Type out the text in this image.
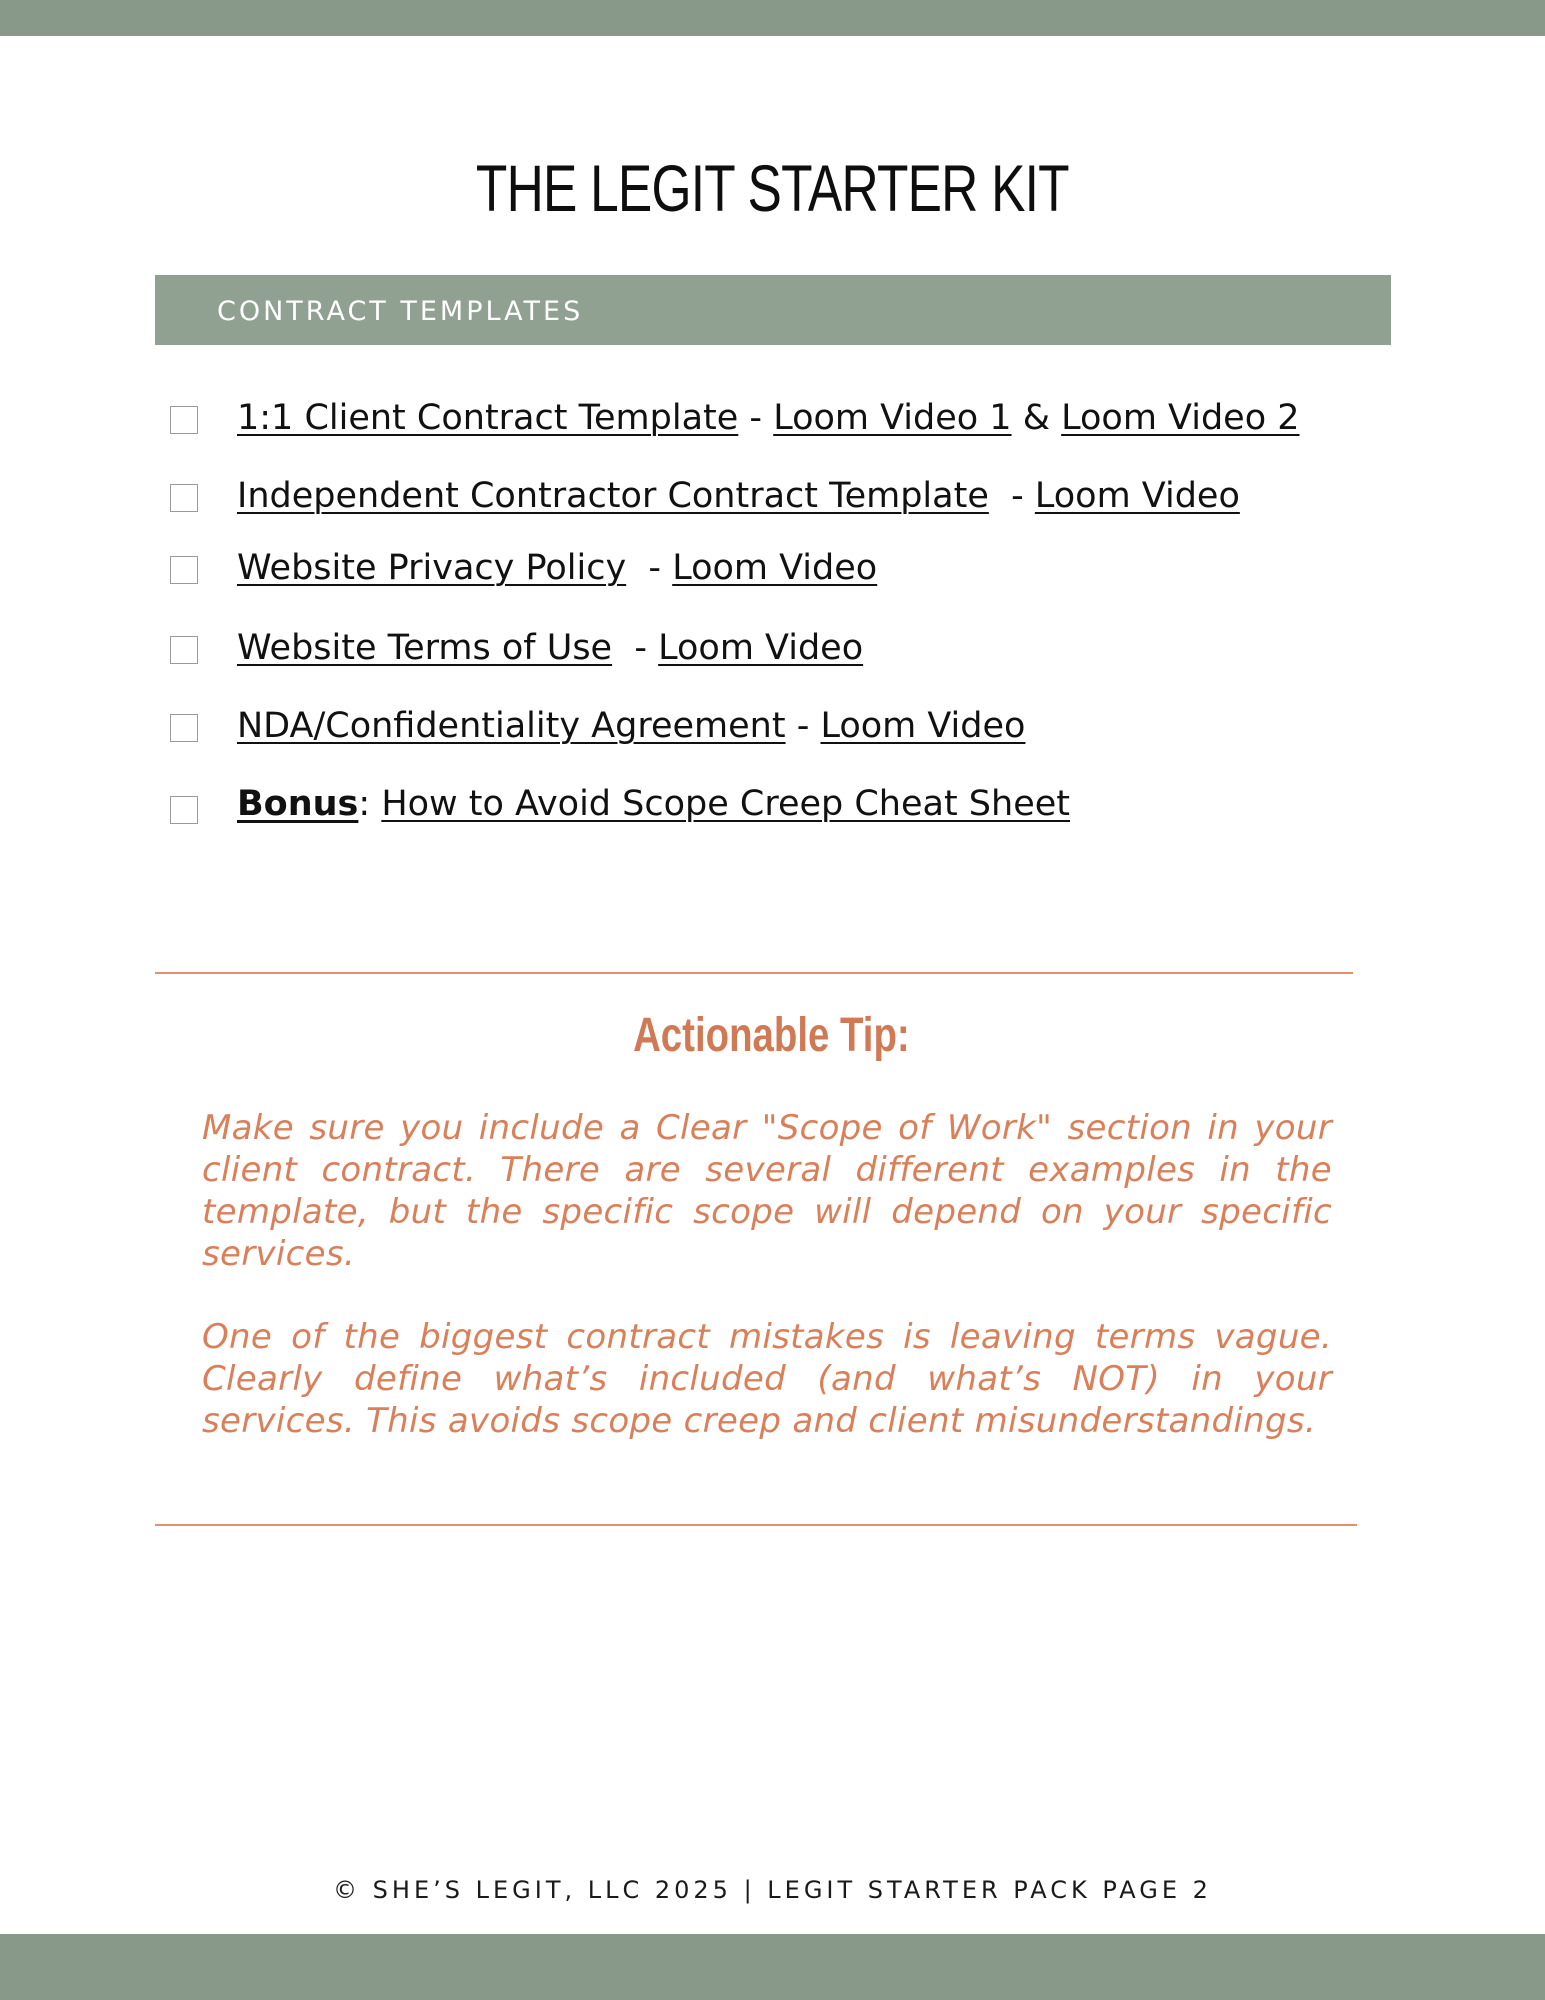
THE LEGIT STARTER KIT
CONTRACT TEMPLATES
1:1 Client Contract Template - Loom Video 1 & Loom Video 2
Independent Contractor Contract Template  - Loom Video
Website Privacy Policy  - Loom Video
Website Terms of Use  - Loom Video
NDA/Confidentiality Agreement - Loom Video
Bonus: How to Avoid Scope Creep Cheat Sheet
Actionable Tip:

Make sure you include a Clear "Scope of Work" section in your client contract. There are several different examples in the template, but the specific scope will depend on your specific services.

One of the biggest contract mistakes is leaving terms vague. Clearly define what’s included (and what’s NOT) in your services. This avoids scope creep and client misunderstandings.

© SHE’S LEGIT, LLC 2025 | LEGIT STARTER PACK PAGE 2
